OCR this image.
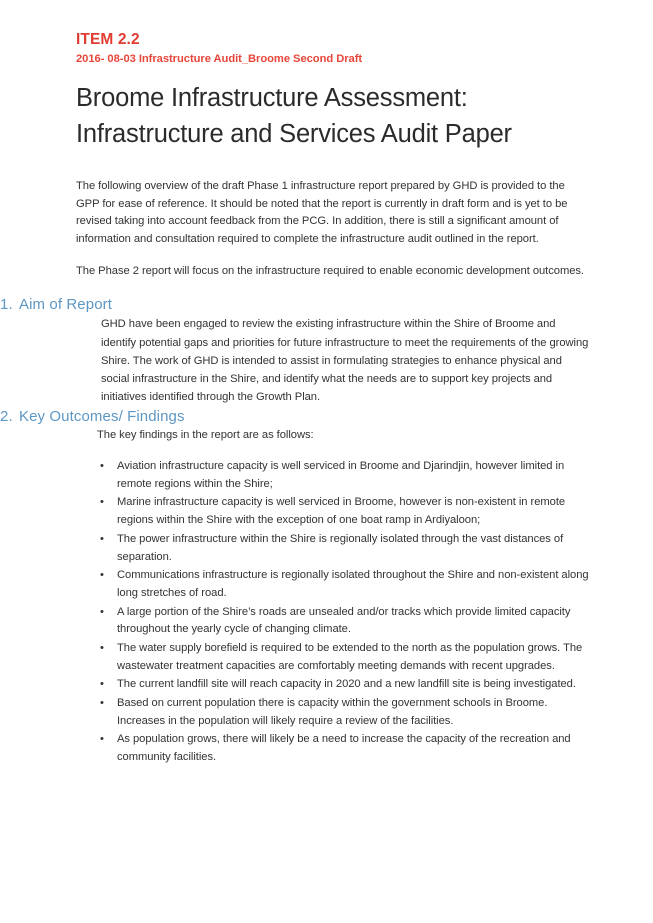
ITEM 2.2
2016- 08-03 Infrastructure Audit_Broome Second Draft
Broome Infrastructure Assessment:
Infrastructure and Services Audit Paper

The following overview of the draft Phase 1 infrastructure report prepared by GHD is provided to the GPP for ease of reference. It should be noted that the report is currently in draft form and is yet to be revised taking into account feedback from the PCG. In addition, there is still a significant amount of information and consultation required to complete the infrastructure audit outlined in the report.

The Phase 2 report will focus on the infrastructure required to enable economic development outcomes.

1. Aim of Report

GHD have been engaged to review the existing infrastructure within the Shire of Broome and identify potential gaps and priorities for future infrastructure to meet the requirements of the growing Shire. The work of GHD is intended to assist in formulating strategies to enhance physical and social infrastructure in the Shire, and identify what the needs are to support key projects and initiatives identified through the Growth Plan.

2. Key Outcomes/ Findings

The key findings in the report are as follows:

•	Aviation infrastructure capacity is well serviced in Broome and Djarindjin, however limited in remote regions within the Shire;
•	Marine infrastructure capacity is well serviced in Broome, however is non-existent in remote regions within the Shire with the exception of one boat ramp in Ardiyaloon;
•	The power infrastructure within the Shire is regionally isolated through the vast distances of separation.
•	Communications infrastructure is regionally isolated throughout the Shire and non-existent along long stretches of road.
•	A large portion of the Shire’s roads are unsealed and/or tracks which provide limited capacity throughout the yearly cycle of changing climate.
•	The water supply borefield is required to be extended to the north as the population grows. The wastewater treatment capacities are comfortably meeting demands with recent upgrades.
•	The current landfill site will reach capacity in 2020 and a new landfill site is being investigated.
•	Based on current population there is capacity within the government schools in Broome. Increases in the population will likely require a review of the facilities.
•	As population grows, there will likely be a need to increase the capacity of the recreation and community facilities.
